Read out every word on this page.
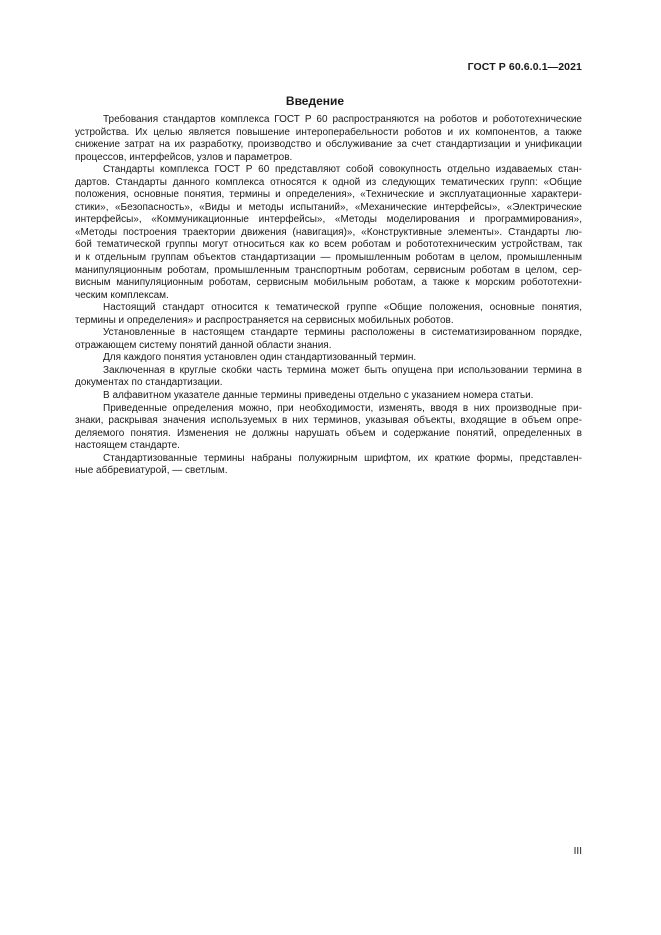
ГОСТ Р 60.6.0.1—2021
Введение
Требования стандартов комплекса ГОСТ Р 60 распространяются на роботов и робототехнические
устройства. Их целью является повышение интероперабельности роботов и их компонентов, а также
снижение затрат на их разработку, производство и обслуживание за счет стандартизации и унификации
процессов, интерфейсов, узлов и параметров.
Стандарты комплекса ГОСТ Р 60 представляют собой совокупность отдельно издаваемых стан-
дартов. Стандарты данного комплекса относятся к одной из следующих тематических групп: «Общие
положения, основные понятия, термины и определения», «Технические и эксплуатационные характери-
стики», «Безопасность», «Виды и методы испытаний», «Механические интерфейсы», «Электрические
интерфейсы», «Коммуникационные интерфейсы», «Методы моделирования и программирования»,
«Методы построения траектории движения (навигация)», «Конструктивные элементы». Стандарты лю-
бой тематической группы могут относиться как ко всем роботам и робототехническим устройствам, так
и к отдельным группам объектов стандартизации — промышленным роботам в целом, промышленным
манипуляционным роботам, промышленным транспортным роботам, сервисным роботам в целом, сер-
висным манипуляционным роботам, сервисным мобильным роботам, а также к морским робототехни-
ческим комплексам.
Настоящий стандарт относится к тематической группе «Общие положения, основные понятия,
термины и определения» и распространяется на сервисных мобильных роботов.
Установленные в настоящем стандарте термины расположены в систематизированном порядке,
отражающем систему понятий данной области знания.
Для каждого понятия установлен один стандартизованный термин.
Заключенная в круглые скобки часть термина может быть опущена при использовании термина в
документах по стандартизации.
В алфавитном указателе данные термины приведены отдельно с указанием номера статьи.
Приведенные определения можно, при необходимости, изменять, вводя в них производные при-
знаки, раскрывая значения используемых в них терминов, указывая объекты, входящие в объем опре-
деляемого понятия. Изменения не должны нарушать объем и содержание понятий, определенных в
настоящем стандарте.
Стандартизованные термины набраны полужирным шрифтом, их краткие формы, представлен-
ные аббревиатурой, — светлым.
III
